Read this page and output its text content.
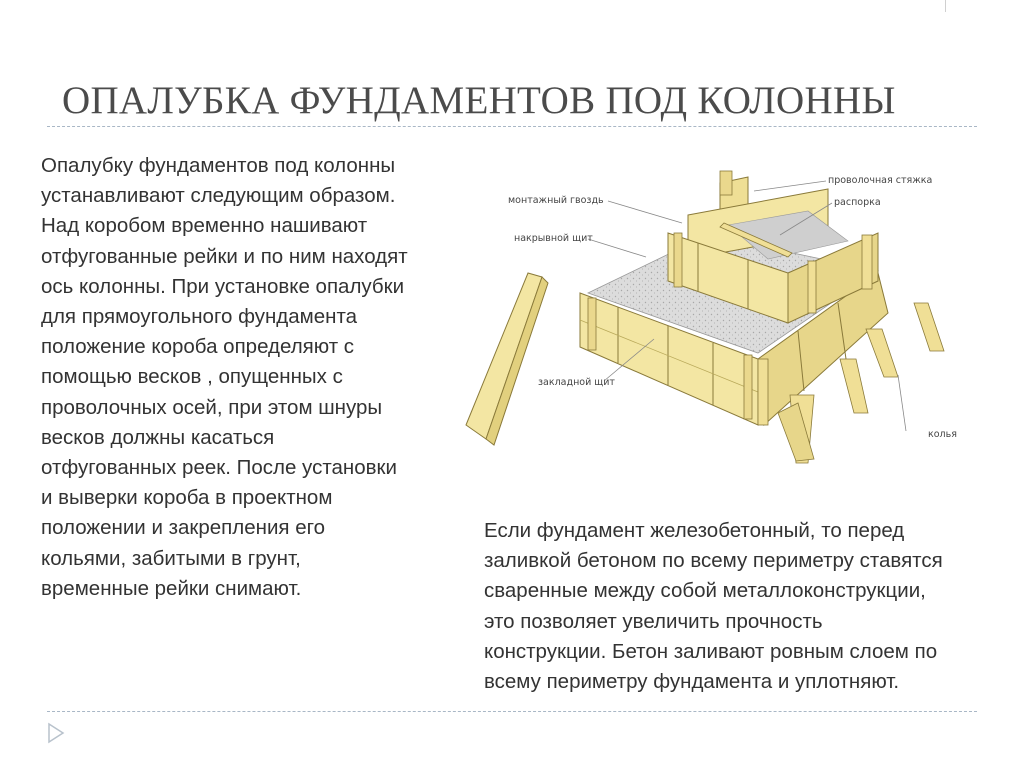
ОПАЛУБКА ФУНДАМЕНТОВ ПОД КОЛОННЫ
Опалубку фундаментов под колонны устанавливают следующим образом. Над коробом временно нашивают отфугованные рейки и по ним находят ось колонны. При установке опалубки для прямоугольного фундамента положение короба определяют с помощью весков , опущенных с проволочных осей, при этом шнуры весков должны касаться отфугованных реек. После установки и выверки короба в проектном положении и закрепления его кольями, забитыми в грунт, временные рейки снимают.
проволочная стяжка
распорка
монтажный гвоздь
накрывной щит
закладной щит
колья
Если фундамент железобетонный, то перед заливкой бетоном по всему периметру ставятся сваренные между собой металлоконструкции, это позволяет увеличить прочность конструкции. Бетон заливают ровным слоем по всему периметру фундамента и уплотняют.
